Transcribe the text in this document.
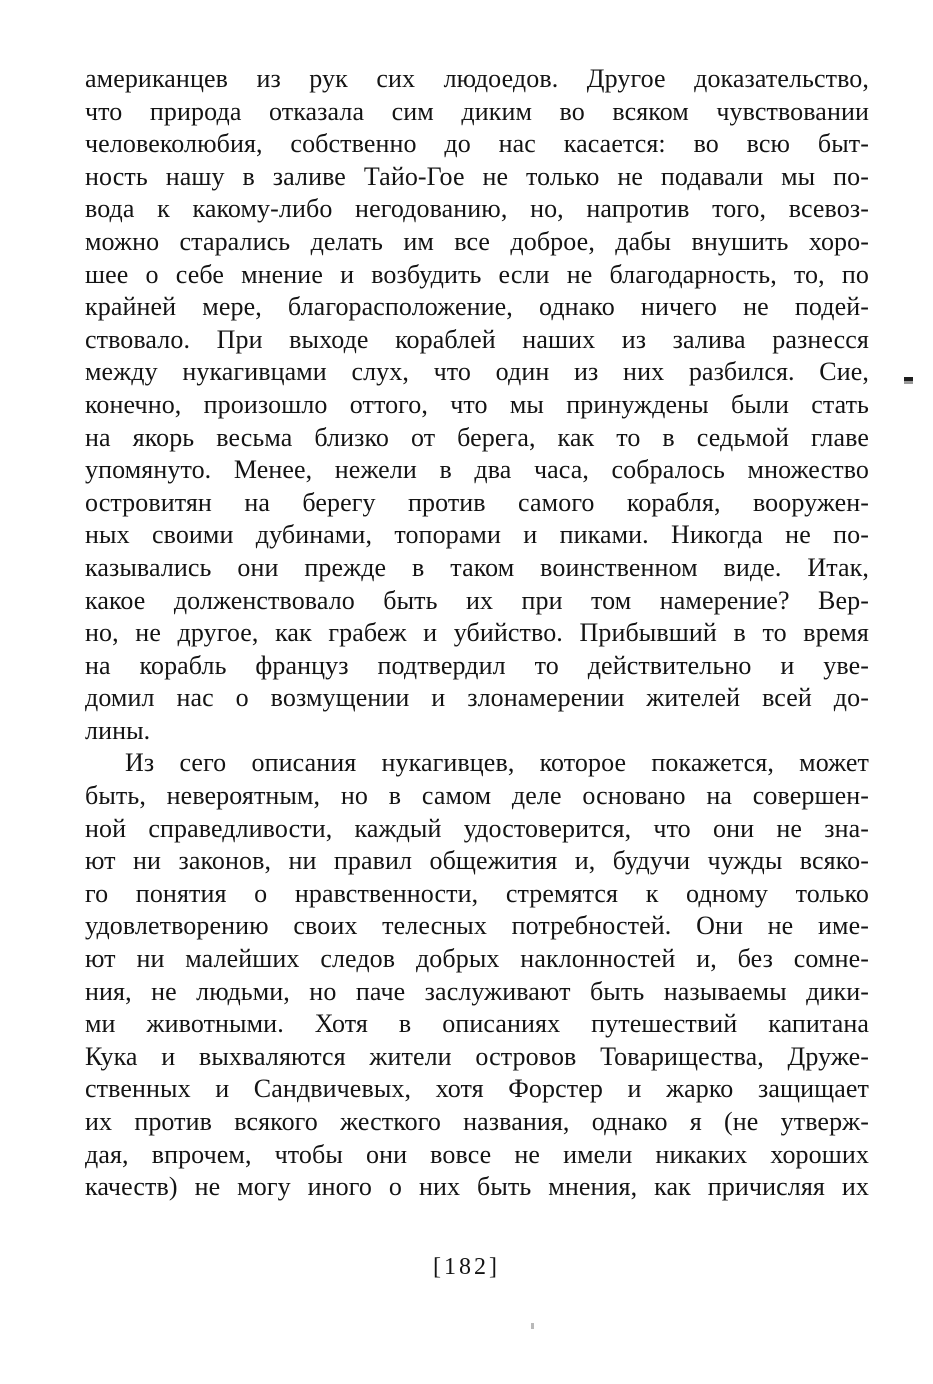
американцев из рук сих людоедов. Другое доказательство,
что природа отказала сим диким во всяком чувствовании
человеколюбия, собственно до нас касается: во всю быт-
ность нашу в заливе Тайо-Гое не только не подавали мы по-
вода к какому-либо негодованию, но, напротив того, всевоз-
можно старались делать им все доброе, дабы внушить хоро-
шее о себе мнение и возбудить если не благодарность, то, по
крайней мере, благорасположение, однако ничего не подей-
ствовало. При выходе кораблей наших из залива разнесся
между нукагивцами слух, что один из них разбился. Сие,
конечно, произошло оттого, что мы принуждены были стать
на якорь весьма близко от берега, как то в седьмой главе
упомянуто. Менее, нежели в два часа, собралось множество
островитян на берегу против самого корабля, вооружен-
ных своими дубинами, топорами и пиками. Никогда не по-
казывались они прежде в таком воинственном виде. Итак,
какое долженствовало быть их при том намерение? Вер-
но, не другое, как грабеж и убийство. Прибывший в то время
на корабль француз подтвердил то действительно и уве-
домил нас о возмущении и злонамерении жителей всей до-
лины.

Из сего описания нукагивцев, которое покажется, может
быть, невероятным, но в самом деле основано на совершен-
ной справедливости, каждый удостоверится, что они не зна-
ют ни законов, ни правил общежития и, будучи чужды всяко-
го понятия о нравственности, стремятся к одному только
удовлетворению своих телесных потребностей. Они не име-
ют ни малейших следов добрых наклонностей и, без сомне-
ния, не людьми, но паче заслуживают быть называемы дики-
ми животными. Хотя в описаниях путешествий капитана
Кука и выхваляются жители островов Товарищества, Друже-
ственных и Сандвичевых, хотя Форстер и жарко защищает
их против всякого жесткого названия, однако я (не утверж-
дая, впрочем, чтобы они вовсе не имели никаких хороших
качеств) не могу иного о них быть мнения, как причисляя их

[182]
